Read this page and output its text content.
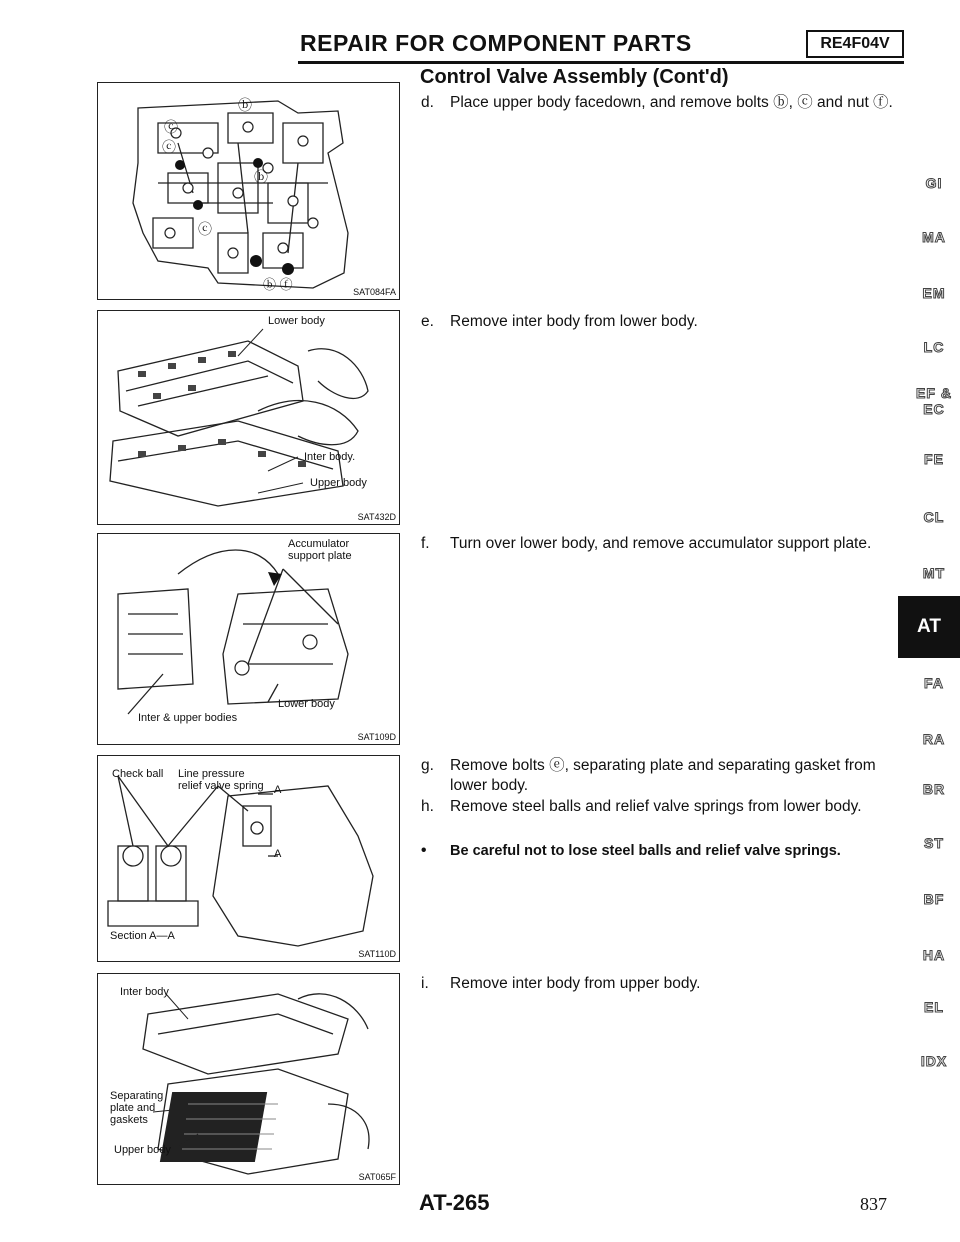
REPAIR FOR COMPONENT PARTS	RE4F04V
Control Valve Assembly (Cont'd)
ⓑ
ⓒ
ⓒ
ⓑ
ⓒ
ⓑ ⓕ	SAT084FA
Lower body
Inter body.
Upper body
SAT432D
Accumulator support plate
Inter & upper bodies
Lower body
SAT109D
Check ball Line pressure relief valve spring A
A
Section A—A
SAT110D
Inter body
Separating plate and gaskets
Upper body
SAT065F
d. Place upper body facedown, and remove bolts ⓑ, ⓒ and nut ⓕ.
e. Remove inter body from lower body.
f. Turn over lower body, and remove accumulator support plate.
g. Remove bolts ⓔ, separating plate and separating gasket from lower body.
h. Remove steel balls and relief valve springs from lower body.
• Be careful not to lose steel balls and relief valve springs.
i. Remove inter body from upper body.
GI
MA
EM
LC
EF &
EC
FE
CL
MT
AT
FA
RA
BR
ST
BF
HA
EL
IDX
AT-265	837
